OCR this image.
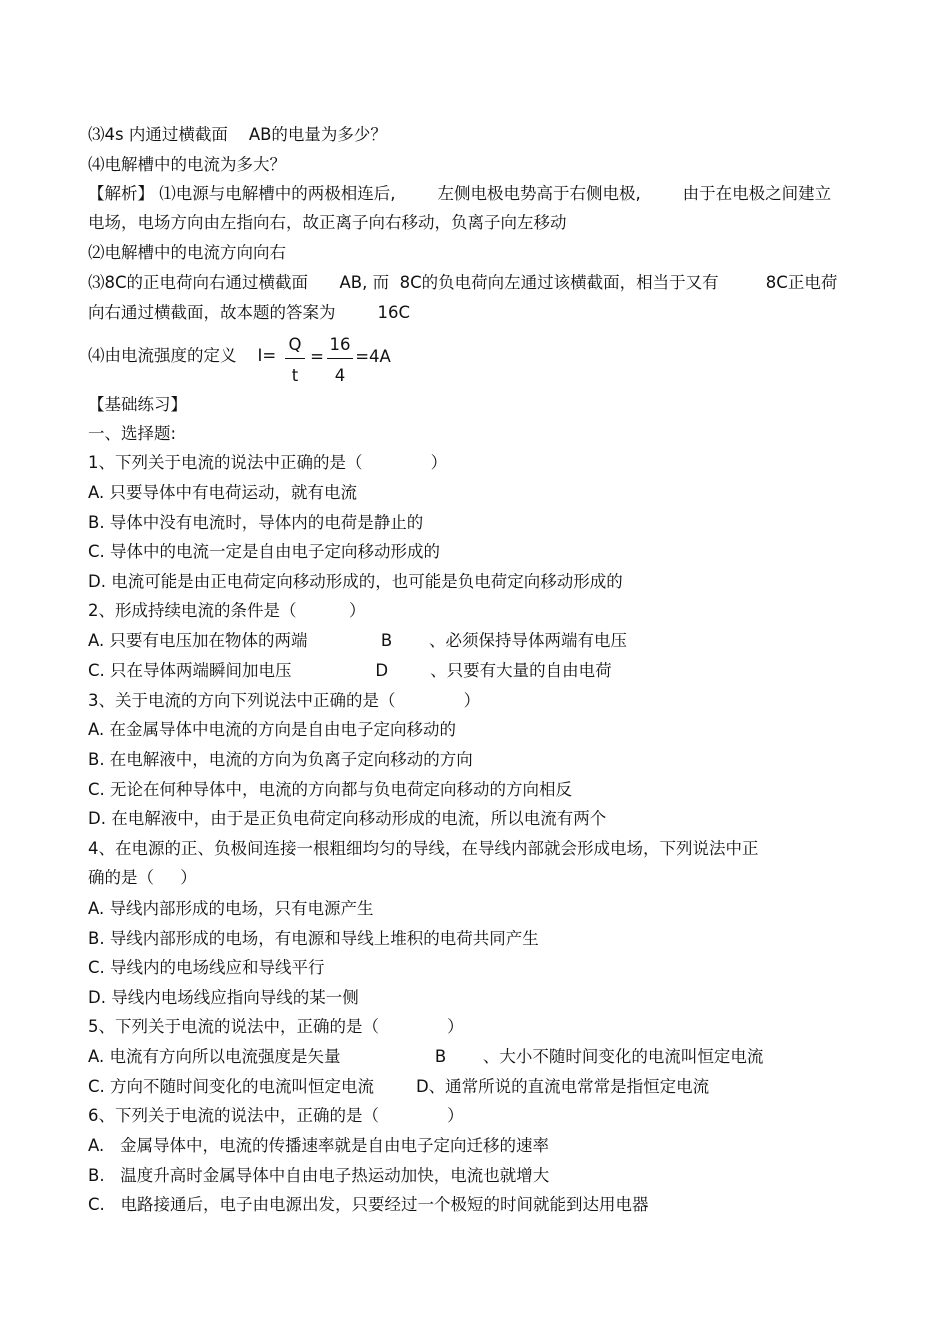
⑶4s 内通过横截面    AB的电量为多少？
⑷电解槽中的电流为多大？
【解析】 ⑴电源与电解槽中的两极相连后,        左侧电极电势高于右侧电极,        由于在电极之间建立
电场，电场方向由左指向右，故正离子向右移动，负离子向左移动
⑵电解槽中的电流方向向右
⑶8C的正电荷向右通过横截面      AB, 而  8C的负电荷向左通过该横截面，相当于又有         8C正电荷
向右通过横截面，故本题的答案为        16C
⑷由电流强度的定义    I=
Q
t
=
16
4
=4A
【基础练习】
一、选择题:
1、下列关于电流的说法中正确的是（             ）
A. 只要导体中有电荷运动，就有电流
B. 导体中没有电流时，导体内的电荷是静止的
C. 导体中的电流一定是自由电子定向移动形成的
D. 电流可能是由正电荷定向移动形成的，也可能是负电荷定向移动形成的
2、形成持续电流的条件是（          ）
A. 只要有电压加在物体的两端              B       、必须保持导体两端有电压
C. 只在导体两端瞬间加电压                D        、只要有大量的自由电荷
3、关于电流的方向下列说法中正确的是（             ）
A. 在金属导体中电流的方向是自由电子定向移动的
B. 在电解液中，电流的方向为负离子定向移动的方向
C. 无论在何种导体中，电流的方向都与负电荷定向移动的方向相反
D. 在电解液中，由于是正负电荷定向移动形成的电流，所以电流有两个
4、在电源的正、负极间连接一根粗细均匀的导线，在导线内部就会形成电场，下列说法中正
确的是（     ）
A. 导线内部形成的电场，只有电源产生
B. 导线内部形成的电场，有电源和导线上堆积的电荷共同产生
C. 导线内的电场线应和导线平行
D. 导线内电场线应指向导线的某一侧
5、下列关于电流的说法中，正确的是（             ）
A. 电流有方向所以电流强度是矢量                  B       、大小不随时间变化的电流叫恒定电流
C. 方向不随时间变化的电流叫恒定电流        D、通常所说的直流电常常是指恒定电流
6、下列关于电流的说法中，正确的是（             ）
A.   金属导体中，电流的传播速率就是自由电子定向迁移的速率
B.   温度升高时金属导体中自由电子热运动加快，电流也就增大
C.   电路接通后，电子由电源出发，只要经过一个极短的时间就能到达用电器
